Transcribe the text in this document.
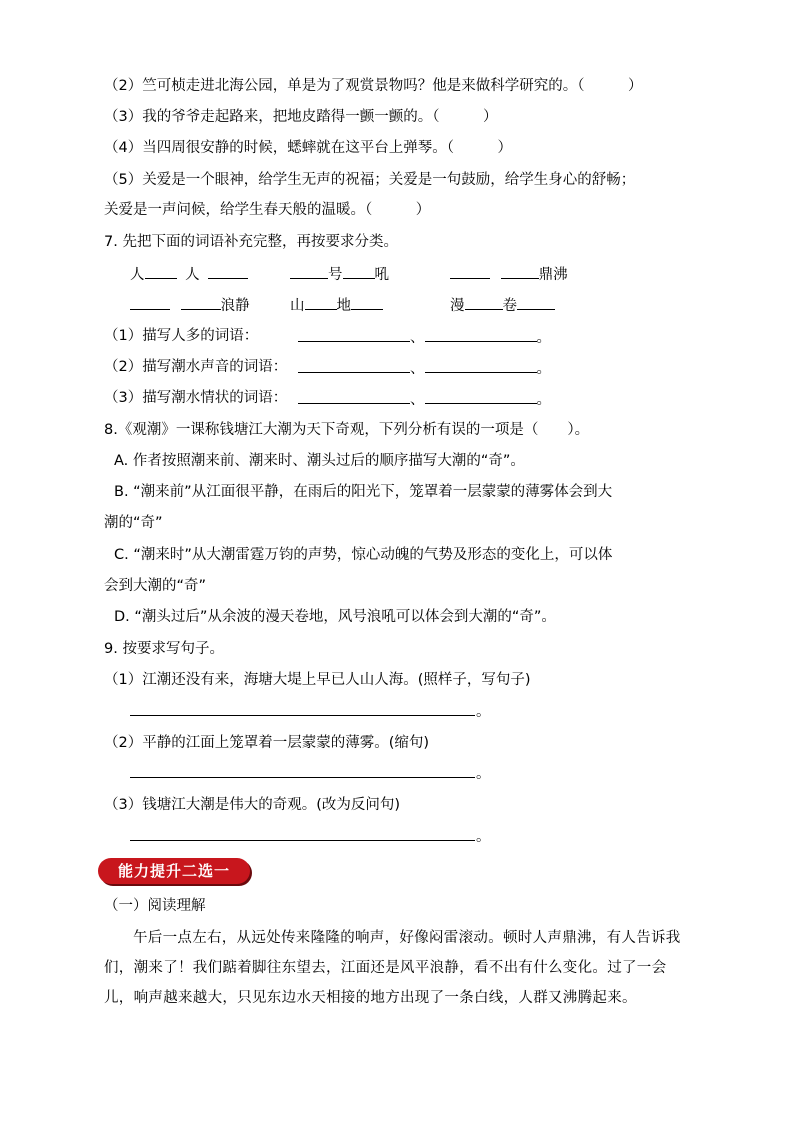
（2）竺可桢走进北海公园，单是为了观赏景物吗？他是来做科学研究的。（　　　）
（3）我的爷爷走起路来，把地皮踏得一颤一颤的。（　　　）
（4）当四周很安静的时候，蟋蟀就在这平台上弹琴。（　　　）
（5）关爱是一个眼神，给学生无声的祝福；关爱是一句鼓励，给学生身心的舒畅；
关爱是一声问候，给学生春天般的温暖。（　　　）
7. 先把下面的词语补充完整，再按要求分类。
人	人	号 吼	鼎沸
浪静	山 地	漫	卷
（1）描写人多的词语：	、	。
（2）描写潮水声音的词语：	、	。
（3）描写潮水情状的词语：	、	。
8.《观潮》一课称钱塘江大潮为天下奇观，下列分析有误的一项是（　　）。
A. 作者按照潮来前、潮来时、潮头过后的顺序描写大潮的“奇”。
B. “潮来前”从江面很平静，在雨后的阳光下，笼罩着一层蒙蒙的薄雾体会到大
潮的“奇”
C. “潮来时”从大潮雷霆万钧的声势，惊心动魄的气势及形态的变化上，可以体
会到大潮的“奇”
D. “潮头过后”从余波的漫天卷地，风号浪吼可以体会到大潮的“奇”。
9. 按要求写句子。
（1）江潮还没有来，海塘大堤上早已人山人海。(照样子，写句子)
。
（2）平静的江面上笼罩着一层蒙蒙的薄雾。(缩句)
。
（3）钱塘江大潮是伟大的奇观。(改为反问句)
。
能力提升二选一
（一）阅读理解
午后一点左右，从远处传来隆隆的响声，好像闷雷滚动。顿时人声鼎沸，有人告诉我们，潮来了！我们踮着脚往东望去，江面还是风平浪静，看不出有什么变化。过了一会儿，响声越来越大，只见东边水天相接的地方出现了一条白线，人群又沸腾起来。
